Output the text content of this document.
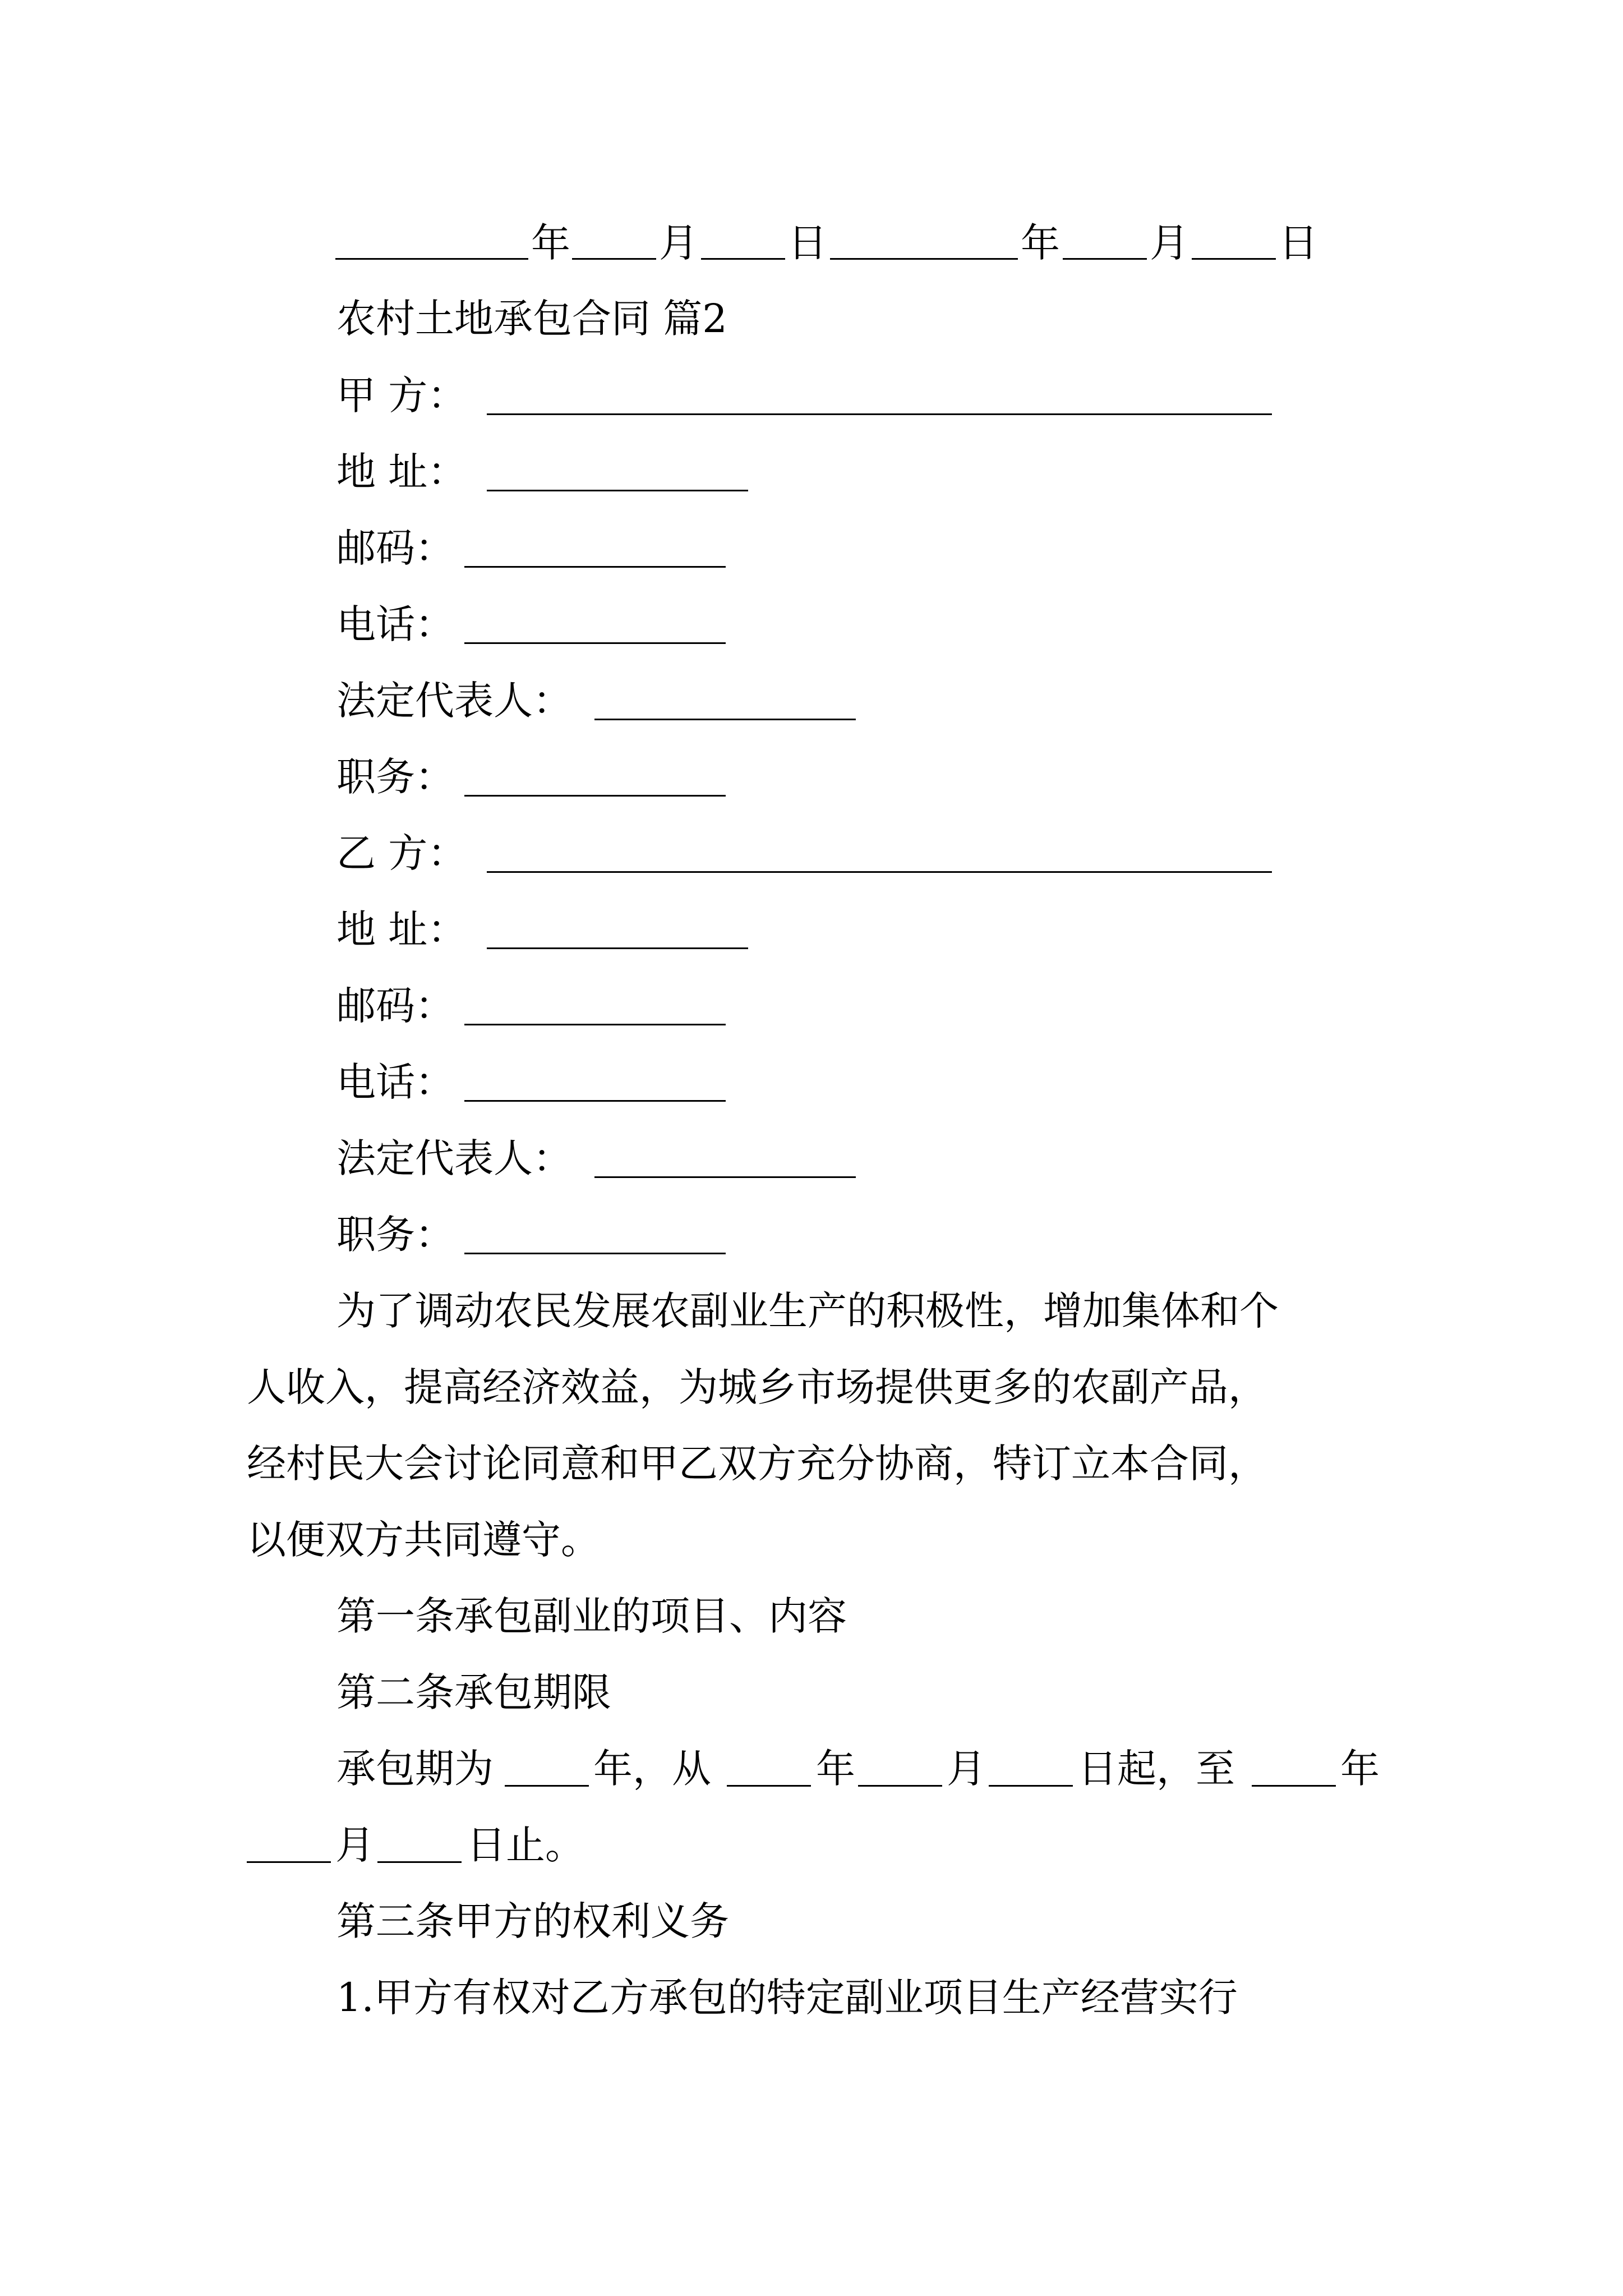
年 月 日	年 月 日
农村土地承包合同 篇2
甲 方：
地 址：
邮码：
电话：
法定代表人：
职务：
乙 方：
地 址：
邮码：
电话：
法定代表人：
职务：
为了调动农民发展农副业生产的积极性，增加集体和个
人收入，提高经济效益，为城乡市场提供更多的农副产品，
经村民大会讨论同意和甲乙双方充分协商，特订立本合同，
以便双方共同遵守。
第一条承包副业的项目、内容
第二条承包期限
承包期为	年，从	年 月 日起，至	年
月 日止。
第三条甲方的权利义务
1.甲方有权对乙方承包的特定副业项目生产经营实行
